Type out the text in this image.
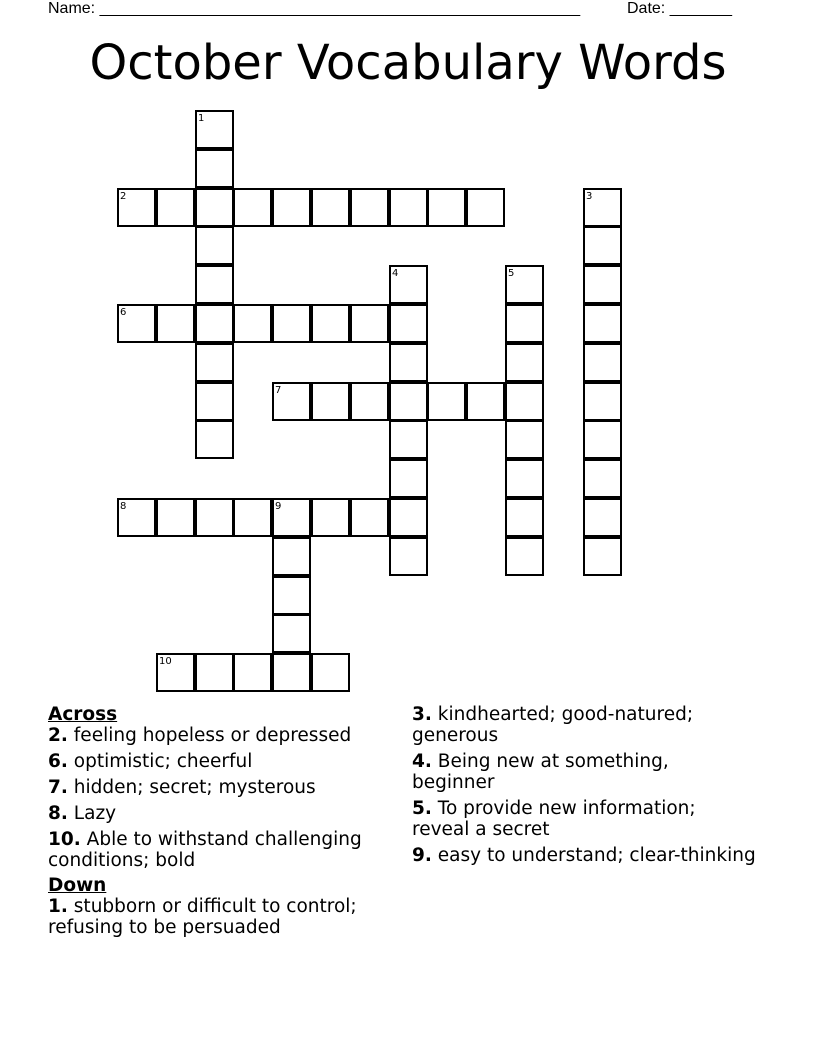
Name: ______________________________________________________	Date: _______
October Vocabulary Words
1
2	3
4	5
6
7
8	9
10
Across
2. feeling hopeless or depressed
6. optimistic; cheerful
7. hidden; secret; mysterous
8. Lazy
10. Able to withstand challenging conditions; bold
Down
1. stubborn or difficult to control; refusing to be persuaded
3. kindhearted; good-natured; generous
4. Being new at something, beginner
5. To provide new information; reveal a secret
9. easy to understand; clear-thinking
